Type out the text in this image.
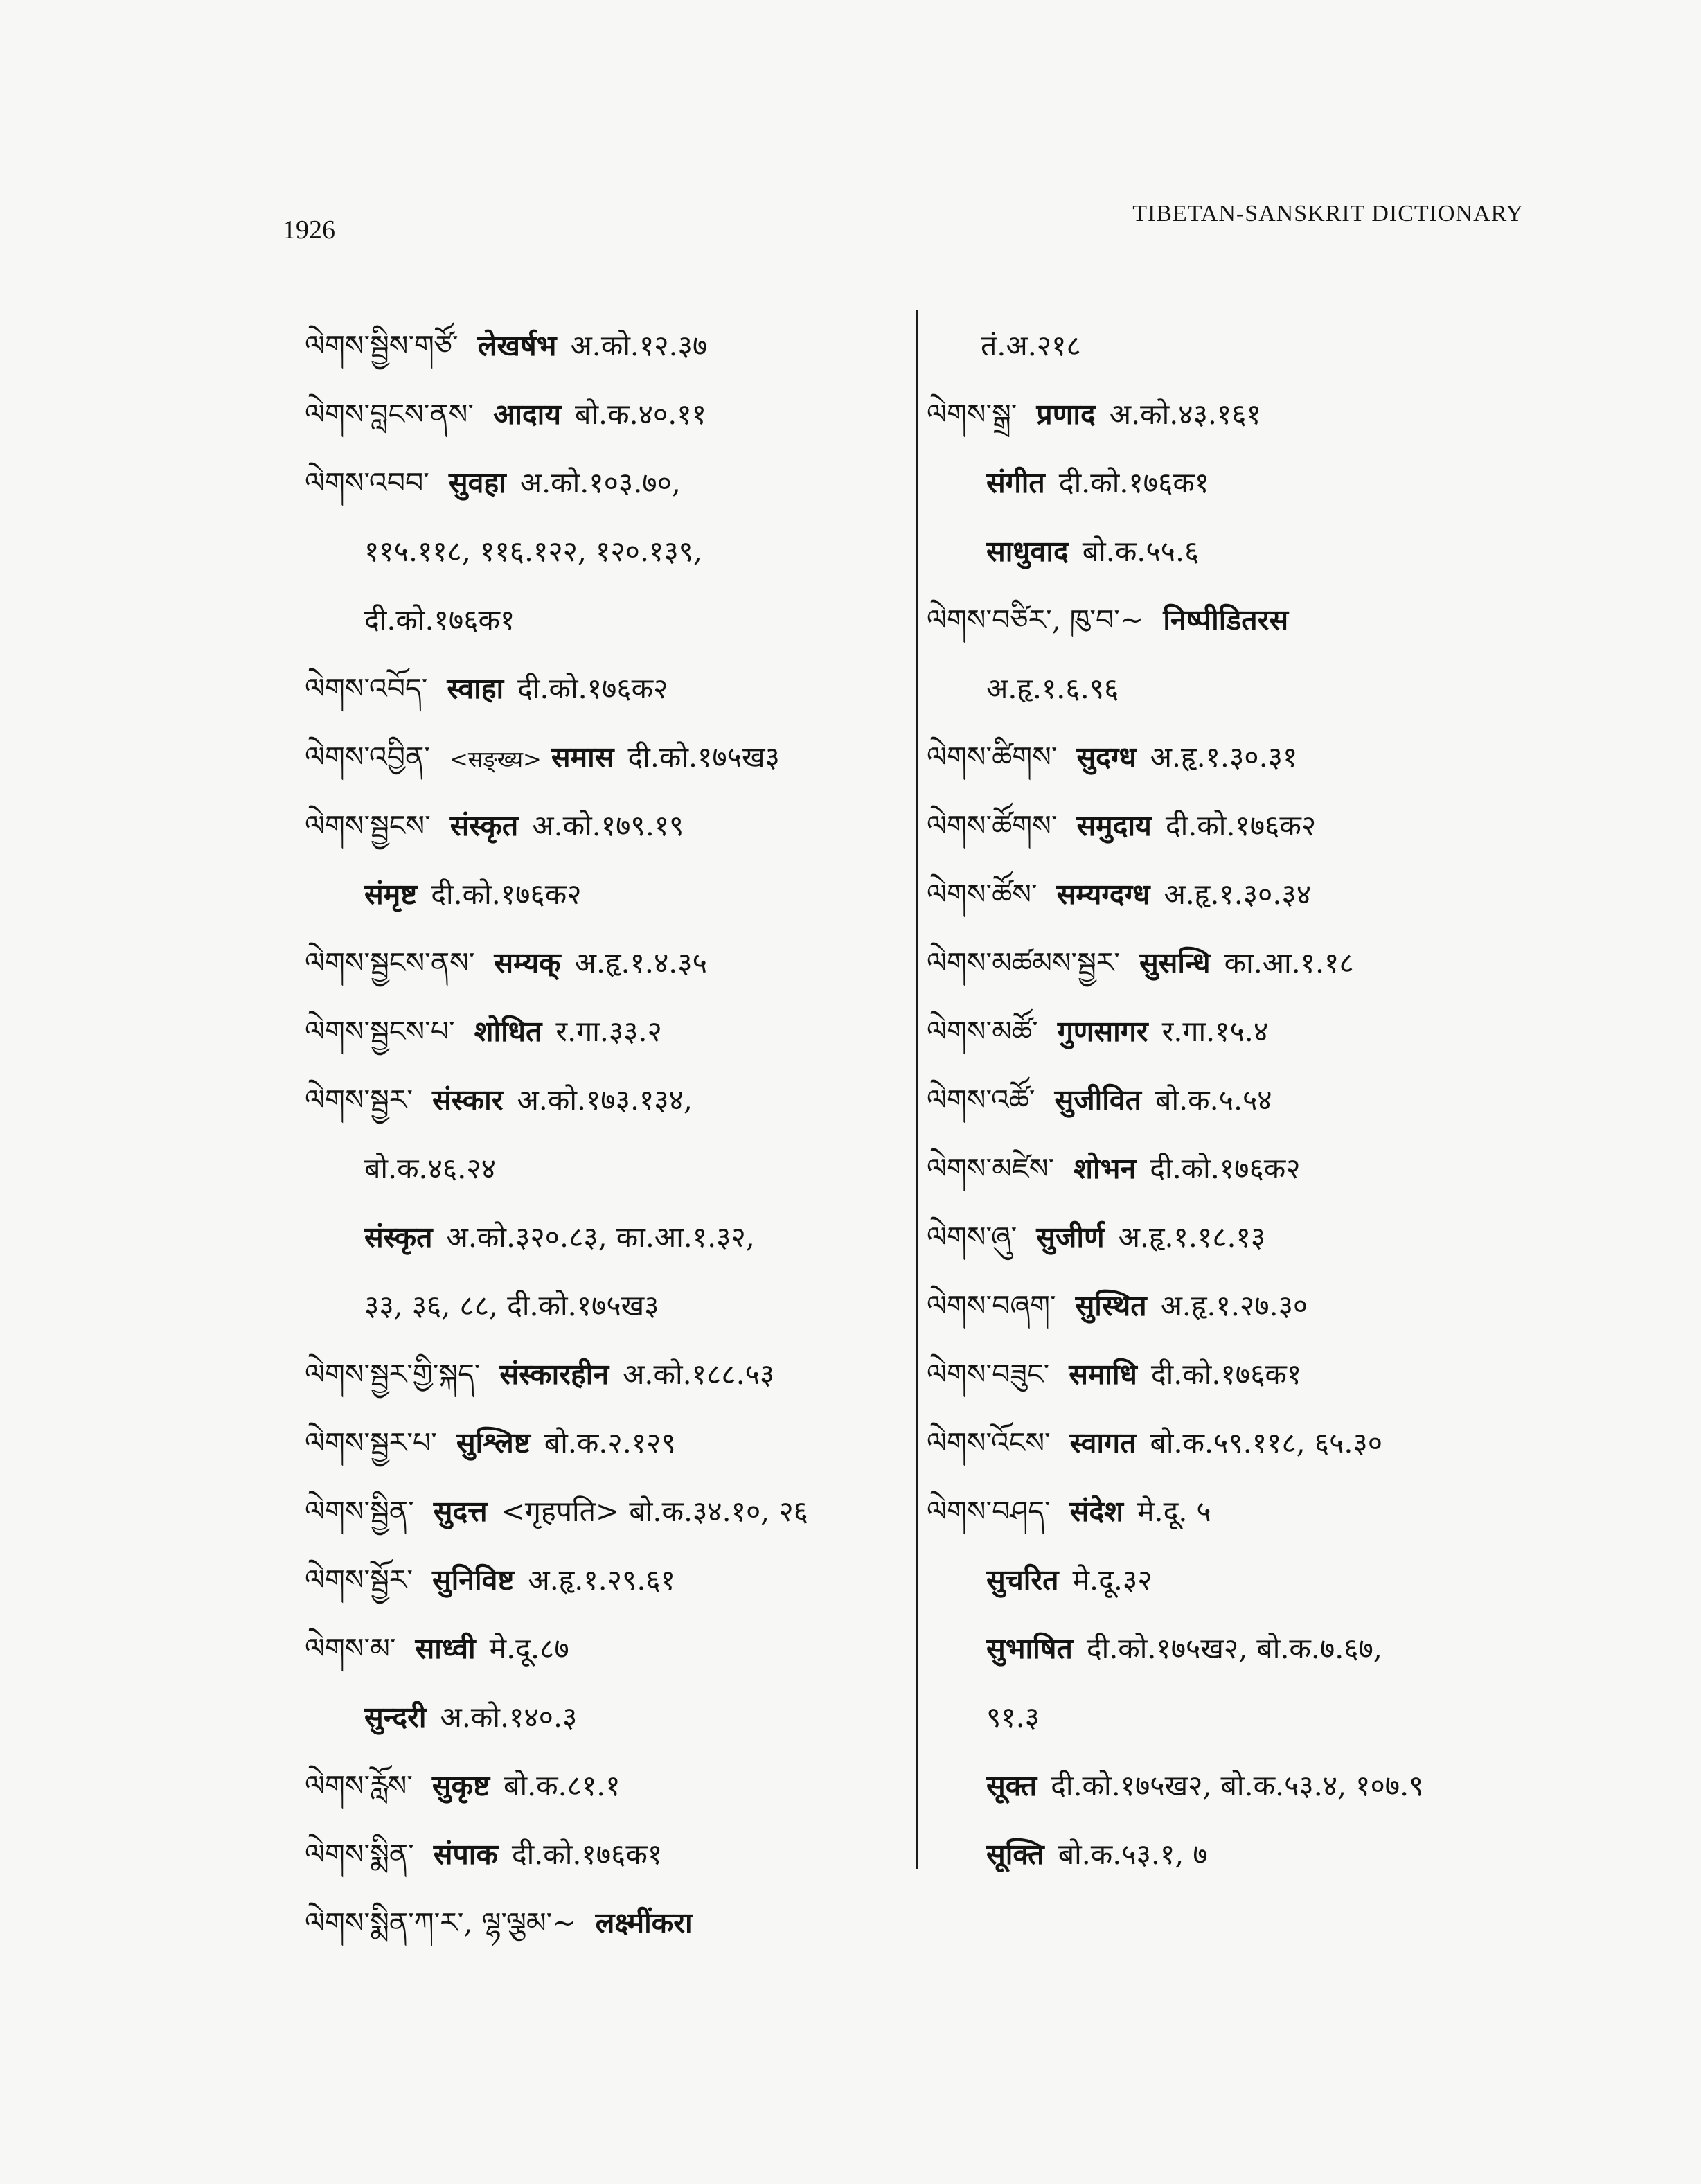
1926
TIBETAN-SANSKRIT DICTIONARY
ལེགས་སྦྱིས་གཙོ་ लेखर्षभ अ.को.१२.३७
ལེགས་བླངས་ནས་ आदाय बो.क.४०.११
ལེགས་འབབ་ सुवहा अ.को.१०३.७०,
११५.११८, ११६.१२२, १२०.१३९,
दी.को.१७६क१
ལེགས་འབོད་ स्वाहा दी.को.१७६क२
ལེགས་འབྱིན་ <सङ्ख्य> समास दी.को.१७५ख३
ལེགས་སྦྱངས་ संस्कृत अ.को.१७९.१९
संमृष्ट दी.को.१७६क२
ལེགས་སྦྱངས་ནས་ सम्यक् अ.हृ.१.४.३५
ལེགས་སྦྱངས་པ་ शोधित र.गा.३३.२
ལེགས་སྦྱར་ संस्कार अ.को.१७३.१३४,
बो.क.४६.२४
संस्कृत अ.को.३२०.८३, का.आ.१.३२,
३३, ३६, ८८, दी.को.१७५ख३
ལེགས་སྦྱར་གྱི་སྐད་ संस्कारहीन अ.को.१८८.५३
ལེགས་སྦྱར་པ་ सुश्लिष्ट बो.क.२.१२९
ལེགས་སྦྱིན་ सुदत्त <गृहपति> बो.क.३४.१०, २६
ལེགས་སྦྱོར་ सुनिविष्ट अ.हृ.१.२९.६१
ལེགས་མ་ साध्वी मे.दू.८७
सुन्दरी अ.को.१४०.३
ལེགས་རློས་ सुकृष्ट बो.क.८१.१
ལེགས་སྨིན་ संपाक दी.को.१७६क१
ལེགས་སྨིན་ཀ་ར་, ལྷ་ལྕམ་~ लक्ष्मींकरा
तं.अ.२१८
ལེགས་སྒྲ་ प्रणाद अ.को.४३.१६१
संगीत दी.को.१७६क१
साधुवाद बो.क.५५.६
ལེགས་བཙིར་, ཁུ་བ་~ निष्पीडितरस
अ.हृ.१.६.९६
ལེགས་ཚིགས་ सुदग्ध अ.हृ.१.३०.३१
ལེགས་ཚོགས་ समुदाय दी.को.१७६क२
ལེགས་ཚོས་ सम्यग्दग्ध अ.हृ.१.३०.३४
ལེགས་མཚམས་སྦྱར་ सुसन्धि का.आ.१.१८
ལེགས་མཚོ་ गुणसागर र.गा.१५.४
ལེགས་འཚོ་ सुजीवित बो.क.५.५४
ལེགས་མཛེས་ शोभन दी.को.१७६क२
ལེགས་ཞུ་ सुजीर्ण अ.हृ.१.१८.१३
ལེགས་བཞག་ सुस्थित अ.हृ.१.२७.३०
ལེགས་བཟུང་ समाधि दी.को.१७६क१
ལེགས་འོངས་ स्वागत बो.क.५९.११८, ६५.३०
ལེགས་བཤད་ संदेश मे.दू. ५
सुचरित मे.दू.३२
सुभाषित दी.को.१७५ख२, बो.क.७.६७,
९१.३
सूक्त दी.को.१७५ख२, बो.क.५३.४, १०७.९
सूक्ति बो.क.५३.१, ७
